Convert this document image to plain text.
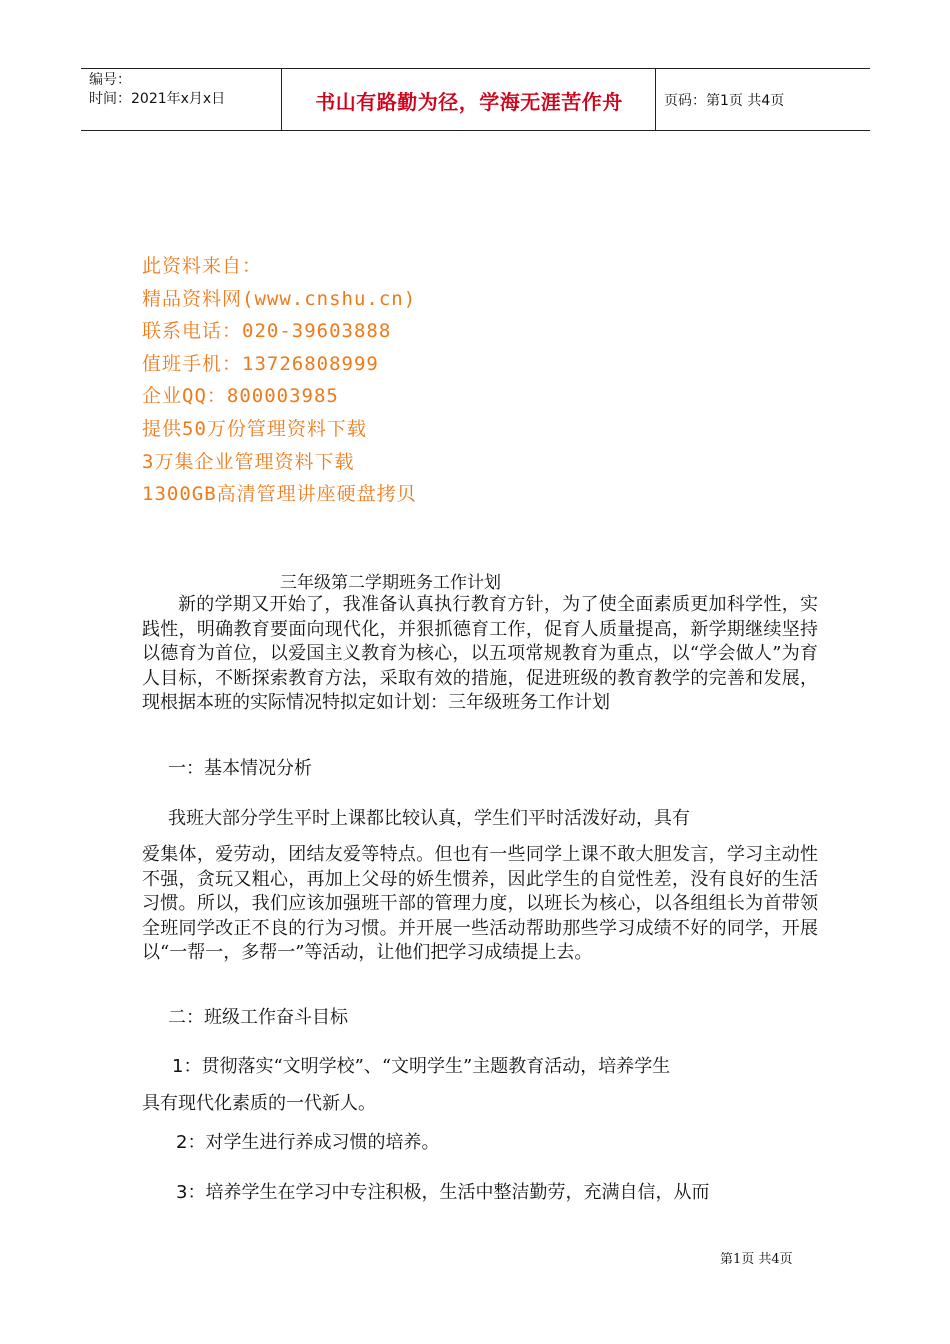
编号：
时间：2021年x月x日	书山有路勤为径，学海无涯苦作舟	页码：第1页 共4页
此资料来自：
精品资料网(www.cnshu.cn)
联系电话：020-39603888
值班手机：13726808999
企业QQ：800003985
提供50万份管理资料下载
3万集企业管理资料下载
1300GB高清管理讲座硬盘拷贝
三年级第二学期班务工作计划
新的学期又开始了，我准备认真执行教育方针，为了使全面素质更加科学性，实践性，明确教育要面向现代化，并狠抓德育工作，促育人质量提高，新学期继续坚持以德育为首位，以爱国主义教育为核心，以五项常规教育为重点，以“学会做人”为育人目标，不断探索教育方法，采取有效的措施，促进班级的教育教学的完善和发展，现根据本班的实际情况特拟定如计划：三年级班务工作计划
一：基本情况分析
我班大部分学生平时上课都比较认真，学生们平时活泼好动，具有
爱集体，爱劳动，团结友爱等特点。但也有一些同学上课不敢大胆发言，学习主动性不强，贪玩又粗心，再加上父母的娇生惯养，因此学生的自觉性差，没有良好的生活习惯。所以，我们应该加强班干部的管理力度，以班长为核心，以各组组长为首带领全班同学改正不良的行为习惯。并开展一些活动帮助那些学习成绩不好的同学，开展以“一帮一，多帮一”等活动，让他们把学习成绩提上去。
二：班级工作奋斗目标
1：贯彻落实“文明学校”、“文明学生”主题教育活动，培养学生
具有现代化素质的一代新人。
2：对学生进行养成习惯的培养。
3：培养学生在学习中专注积极，生活中整洁勤劳，充满自信，从而
第1页 共4页
